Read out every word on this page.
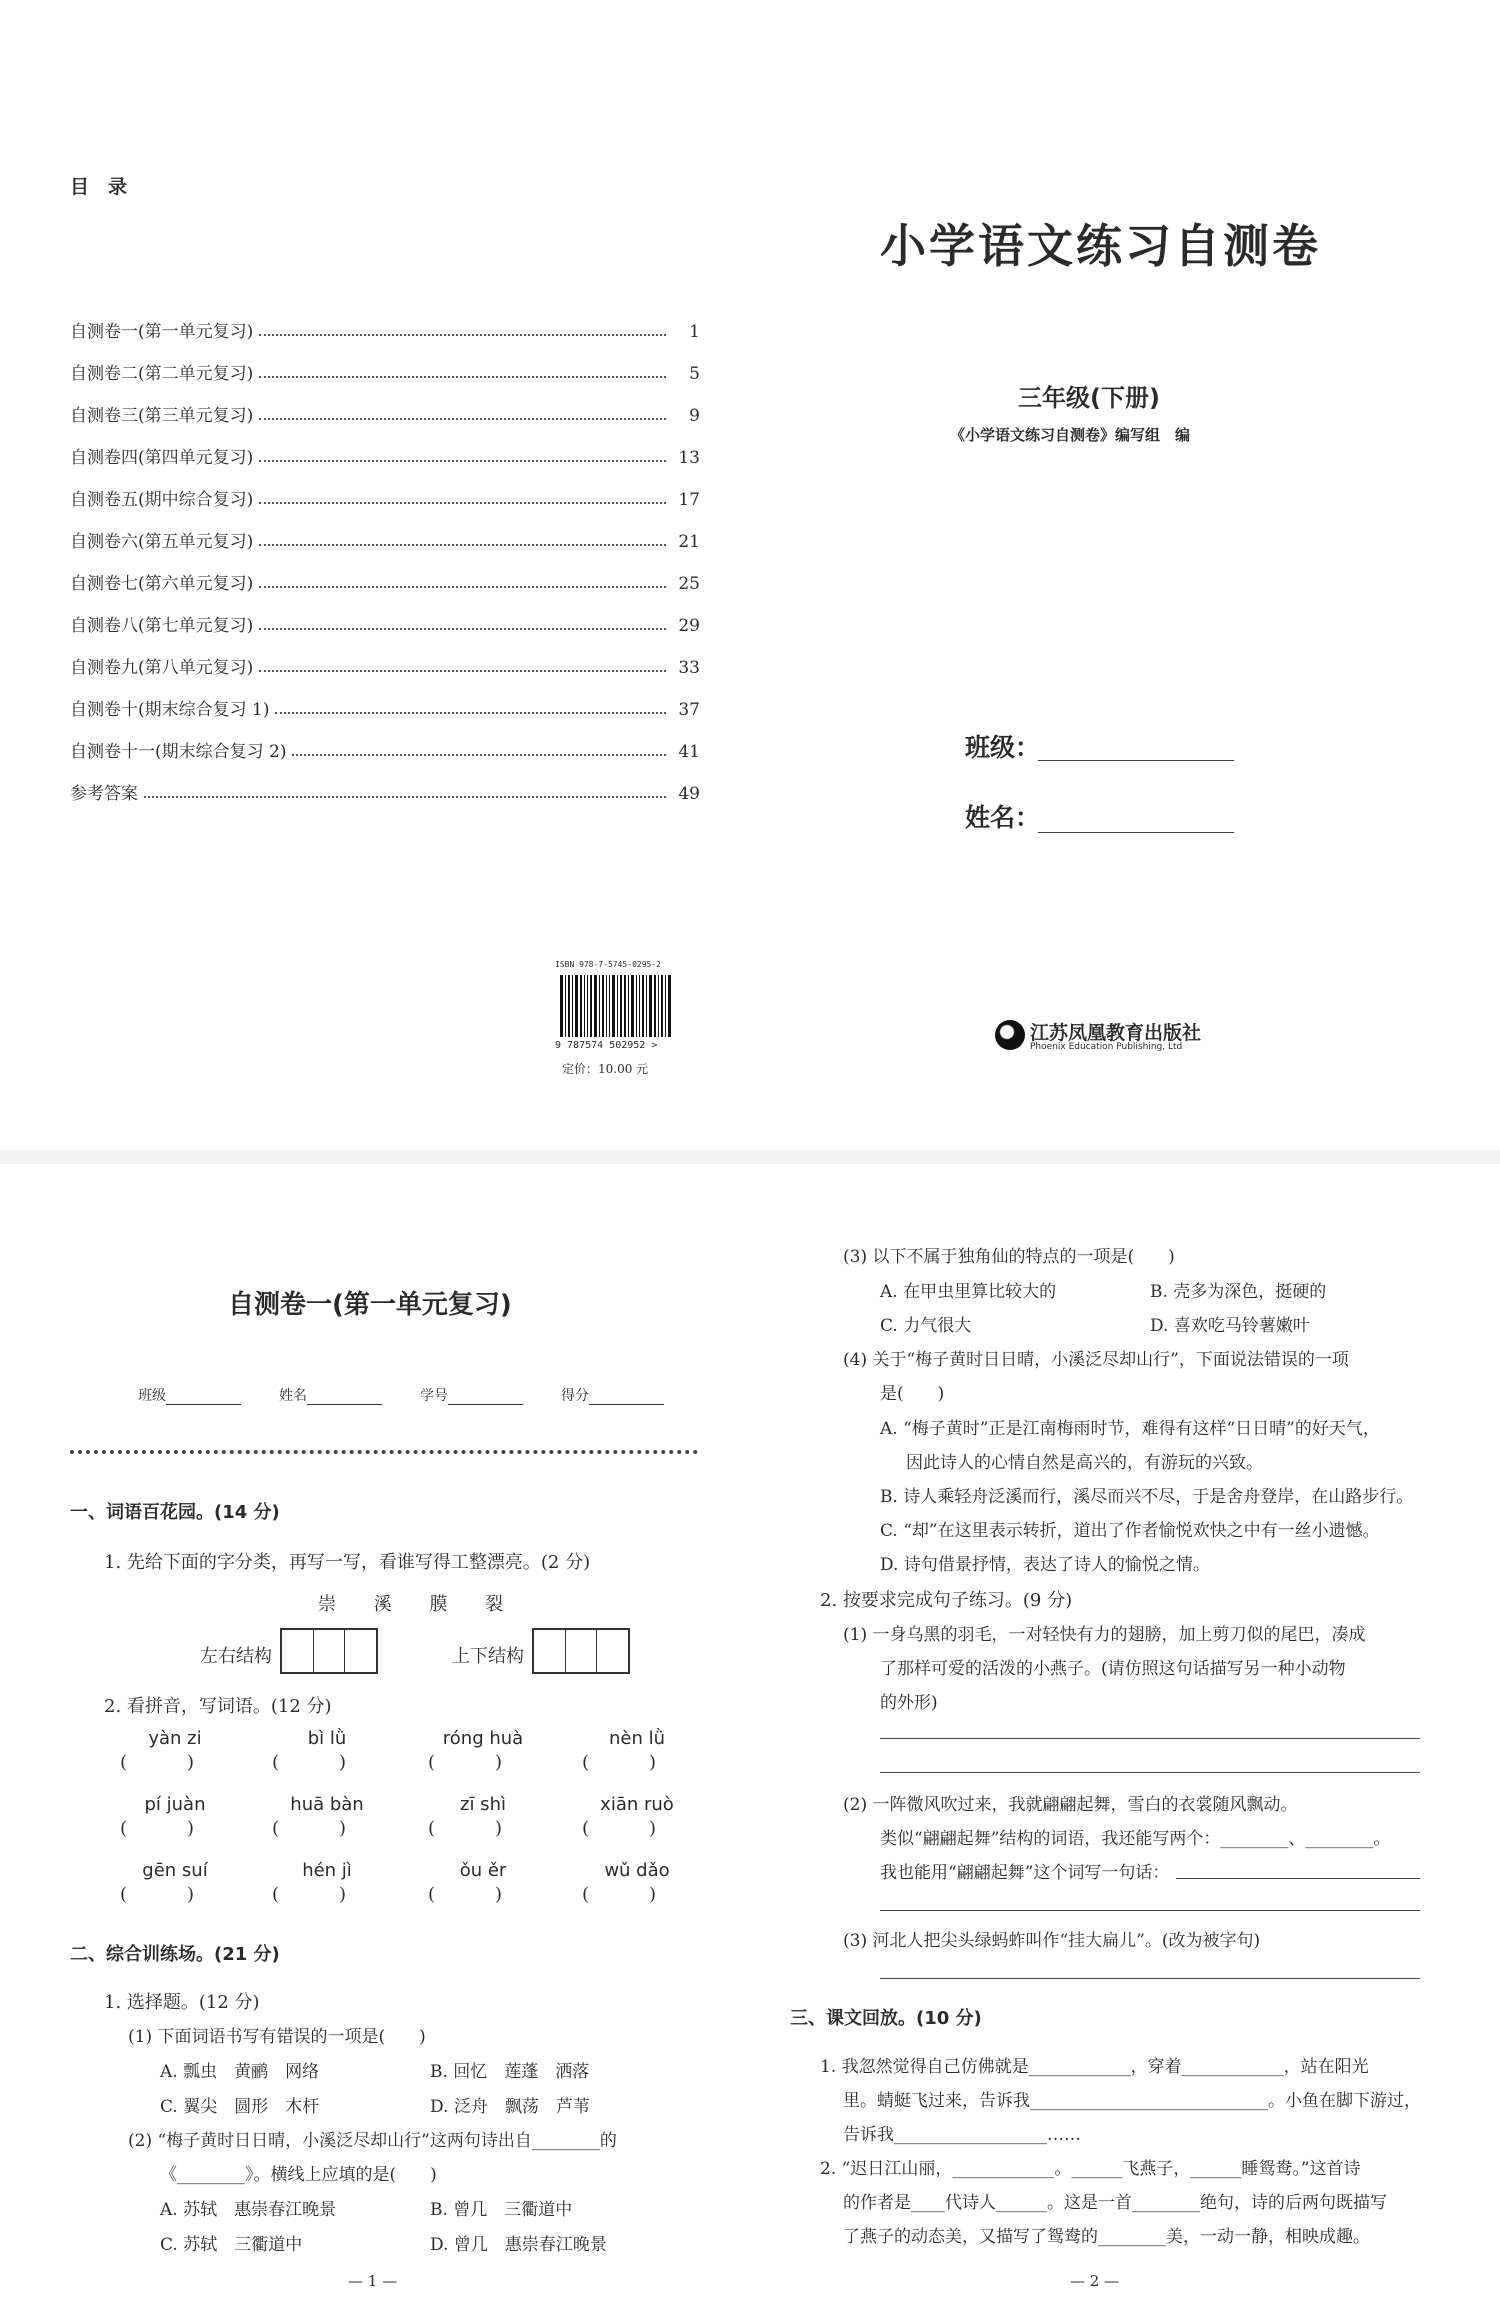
目　录
自测卷一(第一单元复习)	1
自测卷二(第二单元复习)	5
自测卷三(第三单元复习)	9
自测卷四(第四单元复习)	13
自测卷五(期中综合复习)	17
自测卷六(第五单元复习)	21
自测卷七(第六单元复习)	25
自测卷八(第七单元复习)	29
自测卷九(第八单元复习)	33
自测卷十(期末综合复习 1)	37
自测卷十一(期末综合复习 2)	41
参考答案	49
ISBN 978-7-5745-0295-2
9 787574 502952 >
定价：10.00 元
小学语文练习自测卷
三年级(下册)
《小学语文练习自测卷》编写组　编
班级：
姓名：
江苏凤凰教育出版社
Phoenix Education Publishing, Ltd
自测卷一(第一单元复习)
班级	姓名	学号	得分
一、词语百花园。(14 分)
1. 先给下面的字分类，再写一写，看谁写得工整漂亮。(2 分)
崇 溪 膜 裂
左右结构	上下结构
2. 看拼音，写词语。(12 分)
yàn zi
()
bì lǜ
()
róng huà
()
nèn lǜ
()
pí juàn
()
huā bàn
()
zī shì
()
xiān ruò
()
gēn suí
()
hén jì
()
ǒu ěr
()
wǔ dǎo
()
二、综合训练场。(21 分)
1. 选择题。(12 分)
(1) 下面词语书写有错误的一项是(　　)
A. 瓢虫　黄鹂　网络	B. 回忆　莲蓬　洒落
C. 翼尖　圆形　木杆	D. 泛舟　飘荡　芦苇
(2) “梅子黄时日日晴，小溪泛尽却山行”这两句诗出自________的
《________》。横线上应填的是(　　)
A. 苏轼　惠崇春江晚景	B. 曾几　三衢道中
C. 苏轼　三衢道中	D. 曾几　惠崇春江晚景
— 1 —
(3) 以下不属于独角仙的特点的一项是(　　)
A. 在甲虫里算比较大的	B. 壳多为深色，挺硬的
C. 力气很大	D. 喜欢吃马铃薯嫩叶
(4) 关于“梅子黄时日日晴，小溪泛尽却山行”，下面说法错误的一项
是(　　)
A. “梅子黄时”正是江南梅雨时节，难得有这样“日日晴”的好天气，
因此诗人的心情自然是高兴的，有游玩的兴致。
B. 诗人乘轻舟泛溪而行，溪尽而兴不尽，于是舍舟登岸，在山路步行。
C. “却”在这里表示转折，道出了作者愉悦欢快之中有一丝小遗憾。
D. 诗句借景抒情，表达了诗人的愉悦之情。
2. 按要求完成句子练习。(9 分)
(1) 一身乌黑的羽毛，一对轻快有力的翅膀，加上剪刀似的尾巴，凑成
了那样可爱的活泼的小燕子。(请仿照这句话描写另一种小动物
的外形)
(2) 一阵微风吹过来，我就翩翩起舞，雪白的衣裳随风飘动。
类似“翩翩起舞”结构的词语，我还能写两个：________、________。
我也能用“翩翩起舞”这个词写一句话：
(3) 河北人把尖头绿蚂蚱叫作“挂大扁儿”。(改为被字句)
三、课文回放。(10 分)
1. 我忽然觉得自己仿佛就是____________，穿着____________，站在阳光
里。蜻蜓飞过来，告诉我____________________________。小鱼在脚下游过，
告诉我__________________……
2. “迟日江山丽，____________。______飞燕子，______睡鸳鸯。”这首诗
的作者是____代诗人______。这是一首________绝句，诗的后两句既描写
了燕子的动态美，又描写了鸳鸯的________美，一动一静，相映成趣。
— 2 —
